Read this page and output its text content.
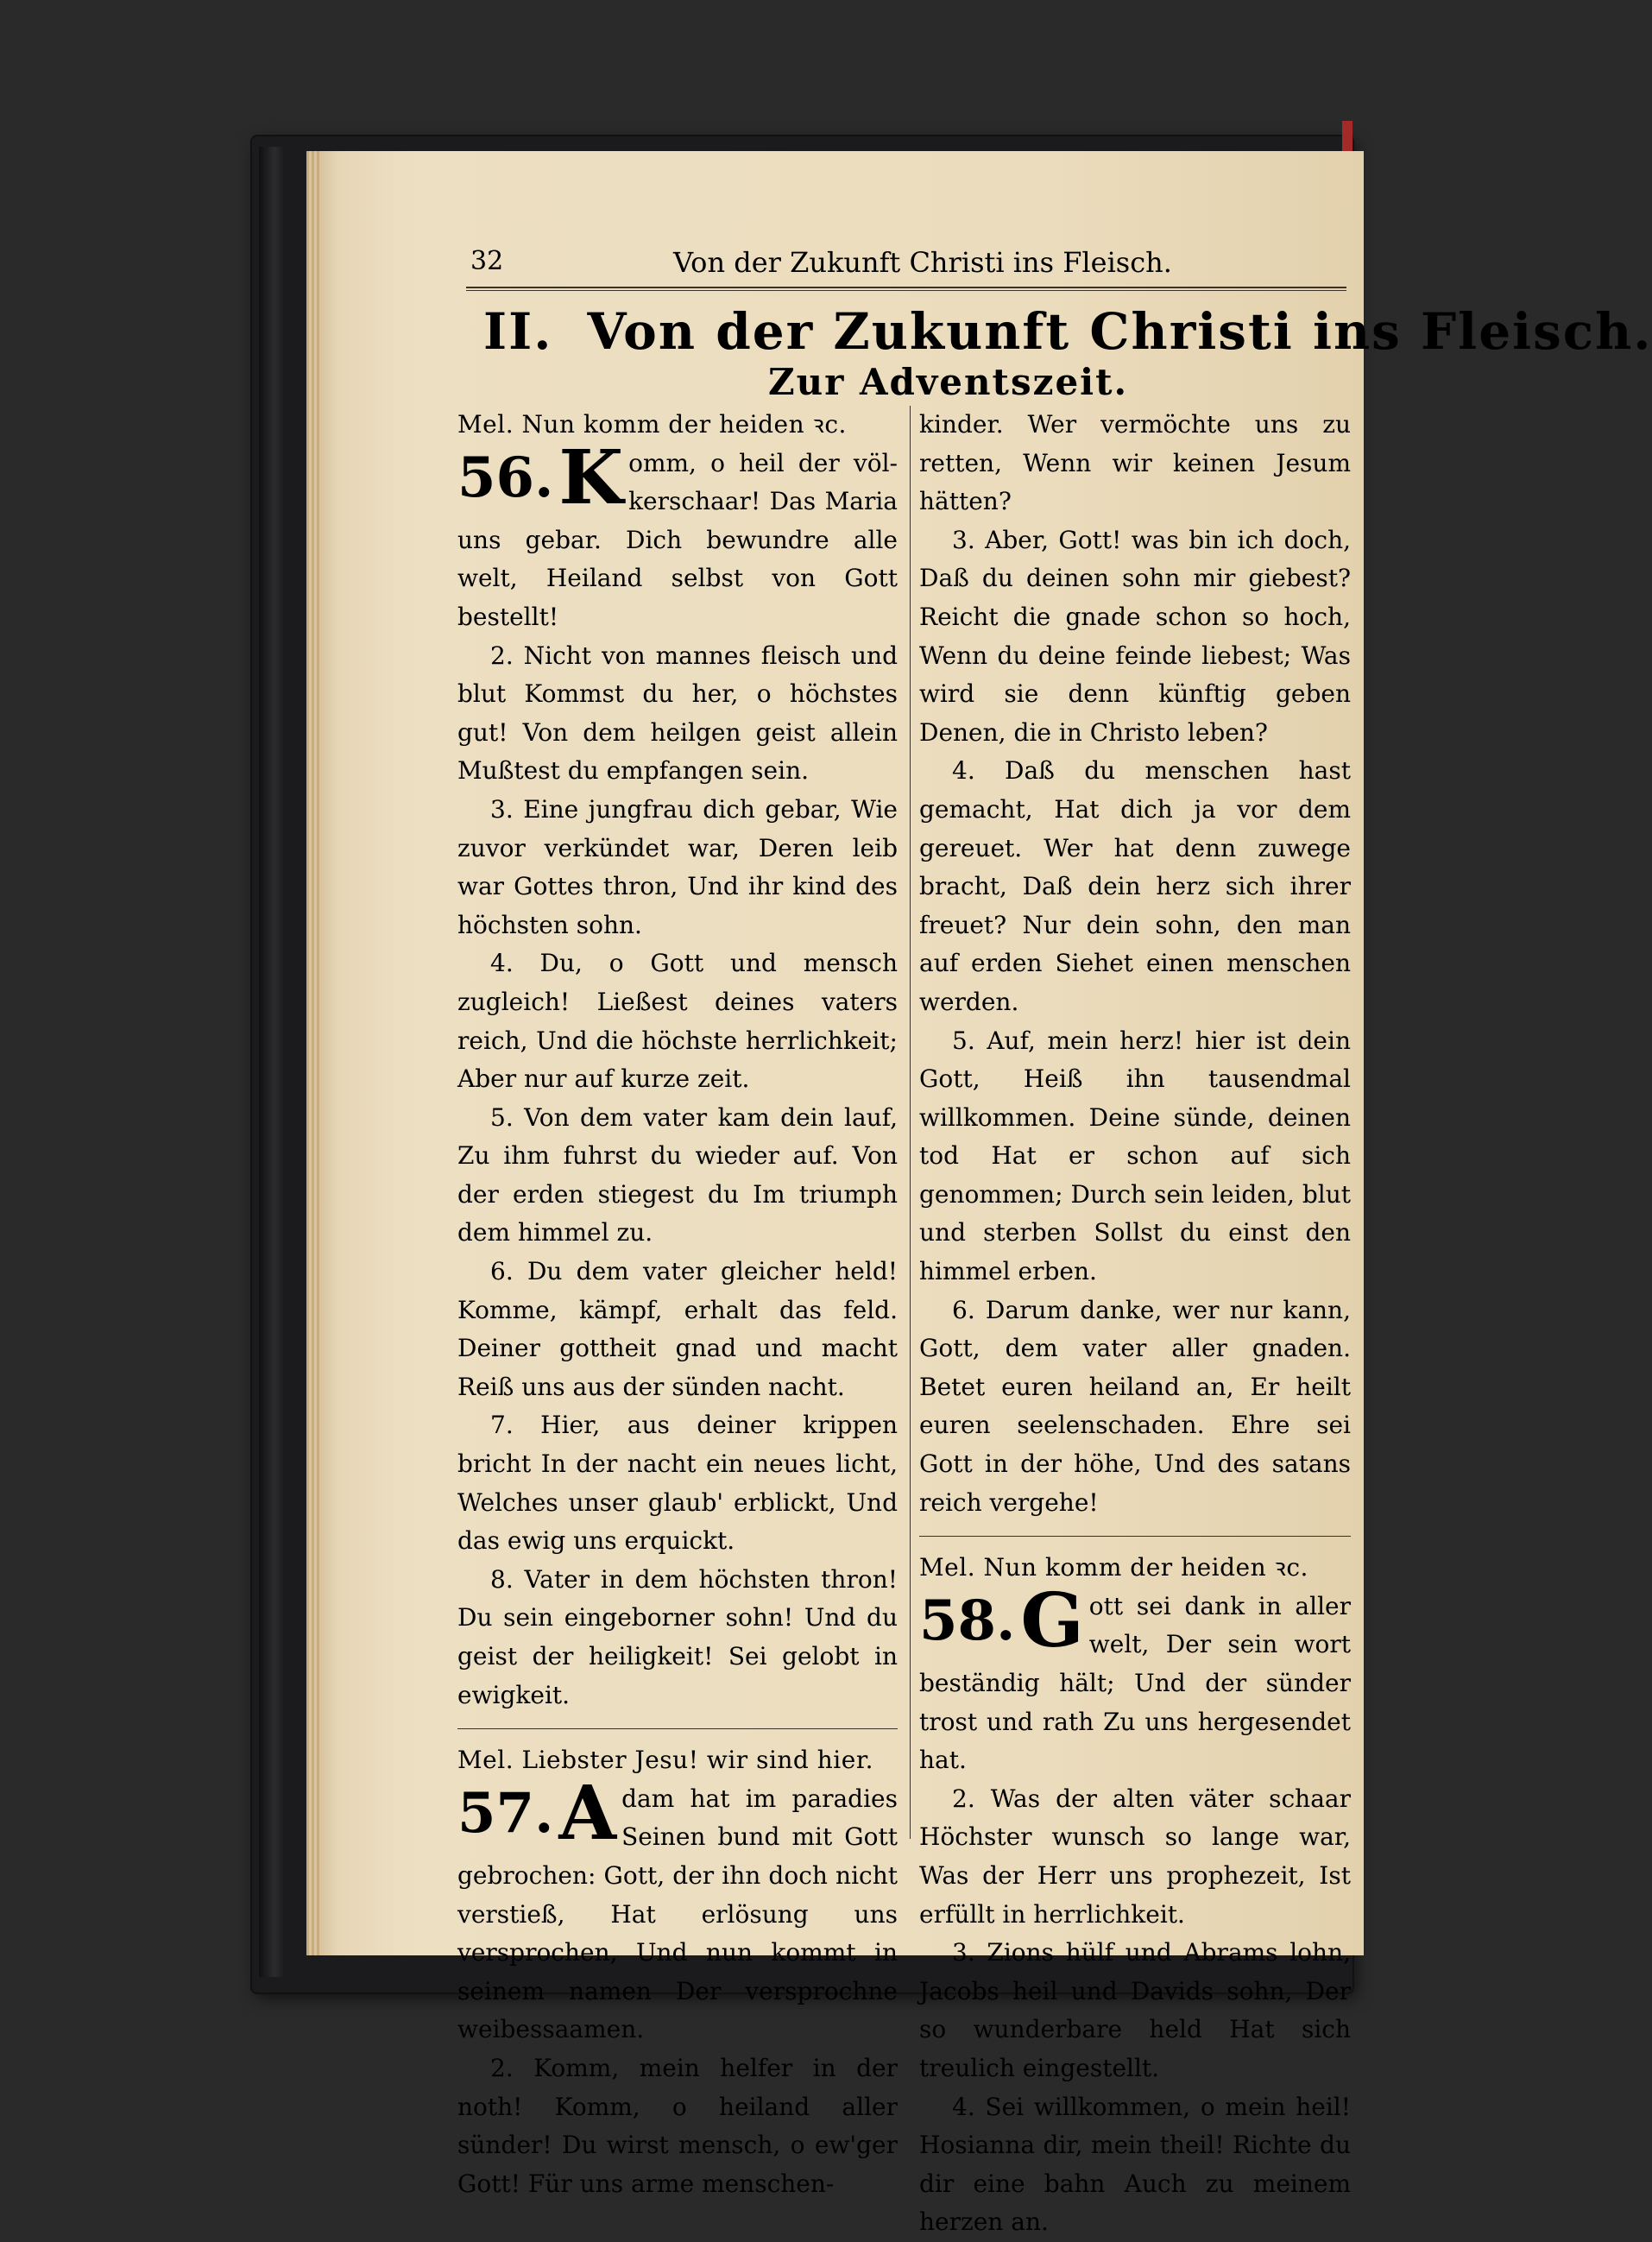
32	Von der Zukunft Christi ins Fleisch.
II. Von der Zukunft Christi ins Fleisch.
Zur Adventszeit.
Mel. Nun komm der heiden ꝛc.
56. K omm, o heil der völ- kerschaar! Das Maria uns gebar. Dich bewundre alle welt, Heiland selbst von Gott bestellt!
2. Nicht von mannes fleisch und blut Kommst du her, o höchstes gut! Von dem heilgen geist allein Mußtest du empfangen sein.
3. Eine jungfrau dich gebar, Wie zuvor verkündet war, Deren leib war Gottes thron, Und ihr kind des höchsten sohn.
4. Du, o Gott und mensch zugleich! Ließest deines vaters reich, Und die höchste herrlichkeit; Aber nur auf kurze zeit.
5. Von dem vater kam dein lauf, Zu ihm fuhrst du wieder auf. Von der erden stiegest du Im triumph dem himmel zu.
6. Du dem vater gleicher held! Komme, kämpf, erhalt das feld. Deiner gottheit gnad und macht Reiß uns aus der sünden nacht.
7. Hier, aus deiner krippen bricht In der nacht ein neues licht, Welches unser glaub' erblickt, Und das ewig uns erquickt.
8. Vater in dem höchsten thron! Du sein eingeborner sohn! Und du geist der heiligkeit! Sei gelobt in ewigkeit.
Mel. Liebster Jesu! wir sind hier.
57. A dam hat im paradies Seinen bund mit Gott gebrochen: Gott, der ihn doch nicht verstieß, Hat erlösung uns versprochen, Und nun kommt in seinem namen Der versprochne weibessaamen.
2. Komm, mein helfer in der noth! Komm, o heiland aller sünder! Du wirst mensch, o ew'ger Gott! Für uns arme menschen-
kinder. Wer vermöchte uns zu retten, Wenn wir keinen Jesum hätten?
3. Aber, Gott! was bin ich doch, Daß du deinen sohn mir giebest? Reicht die gnade schon so hoch, Wenn du deine feinde liebest; Was wird sie denn künftig geben Denen, die in Christo leben?
4. Daß du menschen hast gemacht, Hat dich ja vor dem gereuet. Wer hat denn zuwege bracht, Daß dein herz sich ihrer freuet? Nur dein sohn, den man auf erden Siehet einen menschen werden.
5. Auf, mein herz! hier ist dein Gott, Heiß ihn tausendmal willkommen. Deine sünde, deinen tod Hat er schon auf sich genommen; Durch sein leiden, blut und sterben Sollst du einst den himmel erben.
6. Darum danke, wer nur kann, Gott, dem vater aller gnaden. Betet euren heiland an, Er heilt euren seelenschaden. Ehre sei Gott in der höhe, Und des satans reich vergehe!
Mel. Nun komm der heiden ꝛc.
58. G ott sei dank in aller welt, Der sein wort beständig hält; Und der sünder trost und rath Zu uns hergesendet hat.
2. Was der alten väter schaar Höchster wunsch so lange war, Was der Herr uns prophezeit, Ist erfüllt in herrlichkeit.
3. Zions hülf und Abrams lohn, Jacobs heil und Davids sohn, Der so wunderbare held Hat sich treulich eingestellt.
4. Sei willkommen, o mein heil! Hosianna dir, mein theil! Richte du dir eine bahn Auch zu meinem herzen an.
